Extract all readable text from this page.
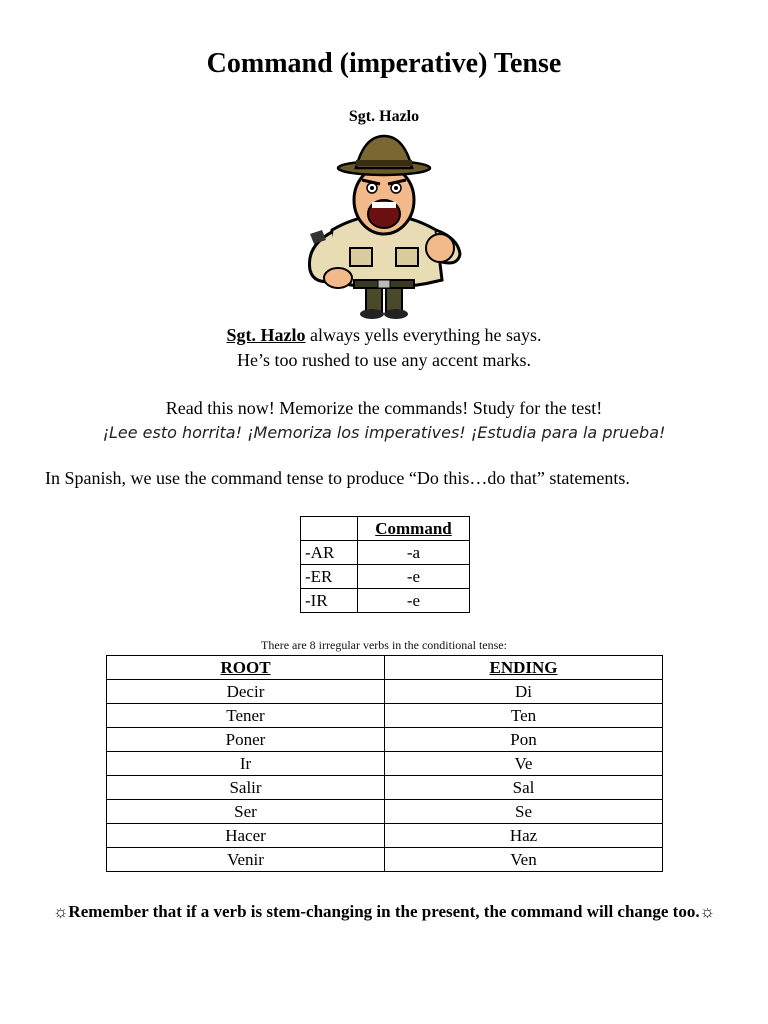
Command (imperative) Tense
Sgt. Hazlo
Sgt. Hazlo always yells everything he says.
He’s too rushed to use any accent marks.
Read this now! Memorize the commands! Study for the test!
¡Lee esto horrita! ¡Memoriza los imperatives! ¡Estudia para la prueba!
In Spanish, we use the command tense to produce “Do this…do that” statements.
	Command
-AR	-a
-ER	-e
-IR	-e
There are 8 irregular verbs in the conditional tense:
ROOT	ENDING
Decir	Di
Tener	Ten
Poner	Pon
Ir	Ve
Salir	Sal
Ser	Se
Hacer	Haz
Venir	Ven
☼Remember that if a verb is stem-changing in the present, the command will change too.☼
